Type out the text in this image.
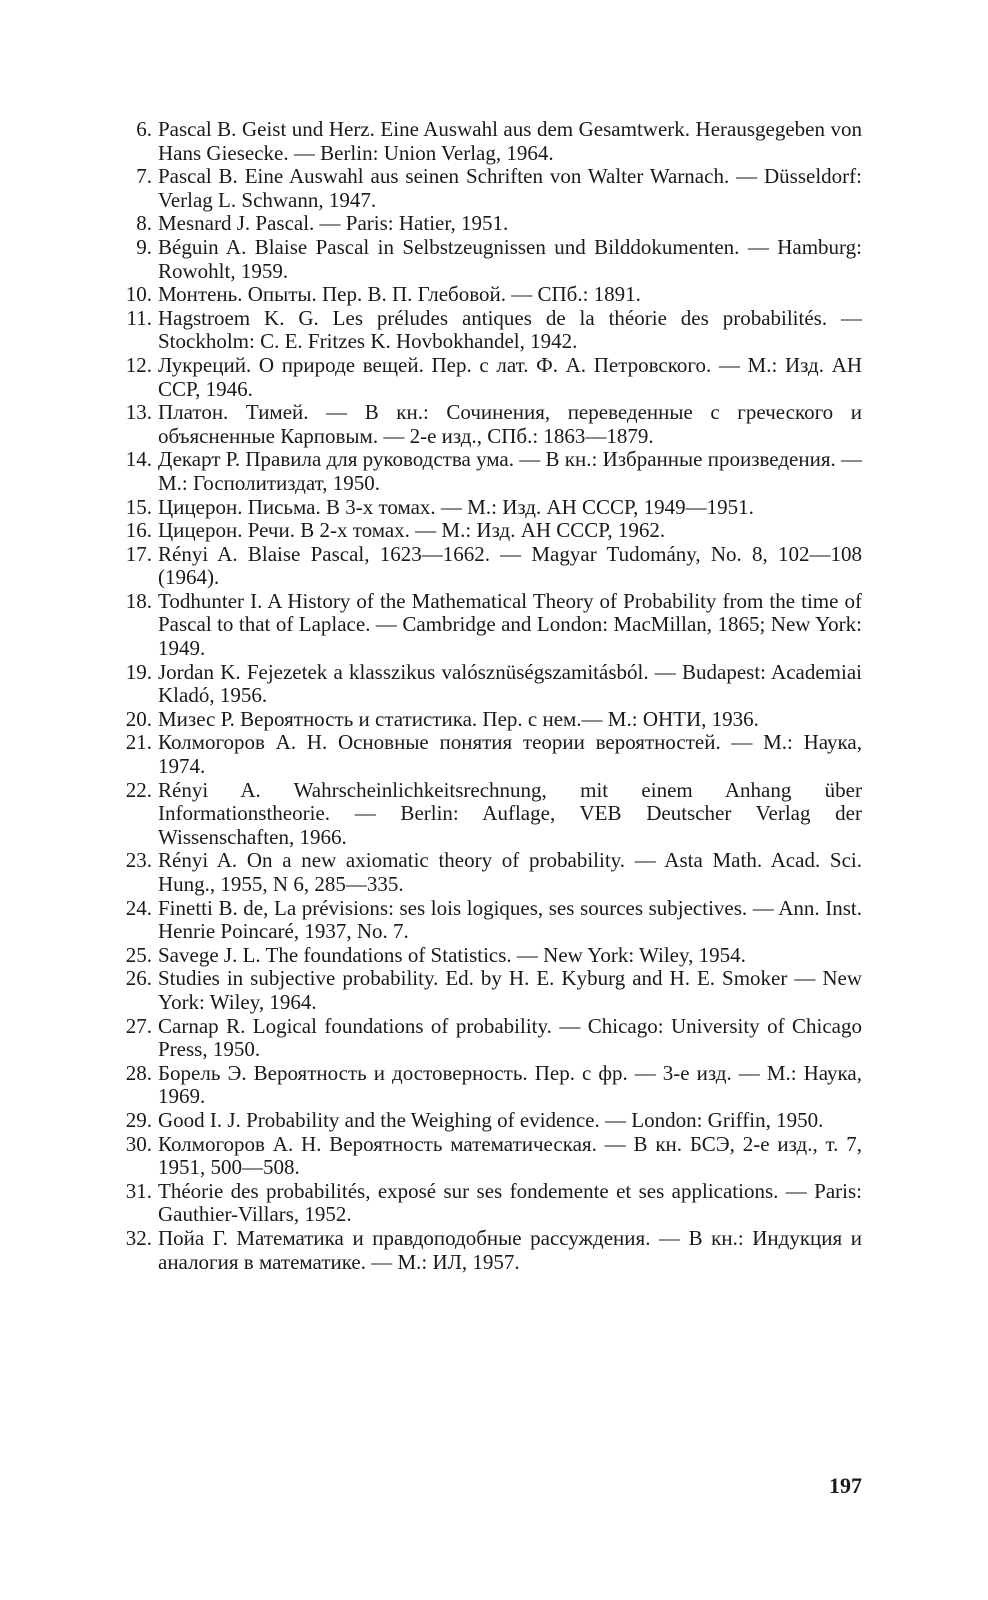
6. Pascal B. Geist und Herz. Eine Auswahl aus dem Gesamtwerk. Herausgegeben von Hans Giesecke. — Berlin: Union Verlag, 1964.
7. Pascal B. Eine Auswahl aus seinen Schriften von Walter Warnach. — Düsseldorf: Verlag L. Schwann, 1947.
8. Mesnard J. Pascal. — Paris: Hatier, 1951.
9. Béguin A. Blaise Pascal in Selbstzeugnissen und Bilddokumenten. — Hamburg: Rowohlt, 1959.
10. Монтень. Опыты. Пер. В. П. Глебовой. — СПб.: 1891.
11. Hagstroem K. G. Les préludes antiques de la théorie des probabilités. — Stockholm: C. E. Fritzes K. Hovbokhandel, 1942.
12. Лукреций. О природе вещей. Пер. с лат. Ф. А. Петровского. — М.: Изд. АН ССР, 1946.
13. Платон. Тимей. — В кн.: Сочинения, переведенные с греческого и объясненные Карповым. — 2-е изд., СПб.: 1863—1879.
14. Декарт Р. Правила для руководства ума. — В кн.: Избранные произведения. — М.: Госполитиздат, 1950.
15. Цицерон. Письма. В 3-х томах. — М.: Изд. АН СССР, 1949—1951.
16. Цицерон. Речи. В 2-х томах. — М.: Изд. АН СССР, 1962.
17. Rényi A. Blaise Pascal, 1623—1662. — Magyar Tudomány, No. 8, 102—108 (1964).
18. Todhunter I. A History of the Mathematical Theory of Probability from the time of Pascal to that of Laplace. — Cambridge and London: MacMillan, 1865; New York: 1949.
19. Jordan K. Fejezetek a klasszikus valósznüségszamitásból. — Budapest: Academiai Kladó, 1956.
20. Мизес Р. Вероятность и статистика. Пер. с нем.— М.: ОНТИ, 1936.
21. Колмогоров А. Н. Основные понятия теории вероятностей. — М.: Наука, 1974.
22. Rényi A. Wahrscheinlichkeitsrechnung, mit einem Anhang über Informationstheorie. — Berlin: Auflage, VEB Deutscher Verlag der Wissenschaften, 1966.
23. Rényi A. On a new axiomatic theory of probability. — Asta Math. Acad. Sci. Hung., 1955, N 6, 285—335.
24. Finetti B. de, La prévisions: ses lois logiques, ses sources subjectives. — Ann. Inst. Henrie Poincaré, 1937, No. 7.
25. Savege J. L. The foundations of Statistics. — New York: Wiley, 1954.
26. Studies in subjective probability. Ed. by H. E. Kyburg and H. E. Smoker — New York: Wiley, 1964.
27. Carnap R. Logical foundations of probability. — Chicago: University of Chicago Press, 1950.
28. Борель Э. Вероятность и достоверность. Пер. с фр. — 3-е изд. — М.: Наука, 1969.
29. Good I. J. Probability and the Weighing of evidence. — London: Griffin, 1950.
30. Колмогоров А. Н. Вероятность математическая. — В кн. БСЭ, 2-е изд., т. 7, 1951, 500—508.
31. Théorie des probabilités, exposé sur ses fondemente et ses applications. — Paris: Gauthier-Villars, 1952.
32. Пойа Г. Математика и правдоподобные рассуждения. — В кн.: Индукция и аналогия в математике. — М.: ИЛ, 1957.
197
